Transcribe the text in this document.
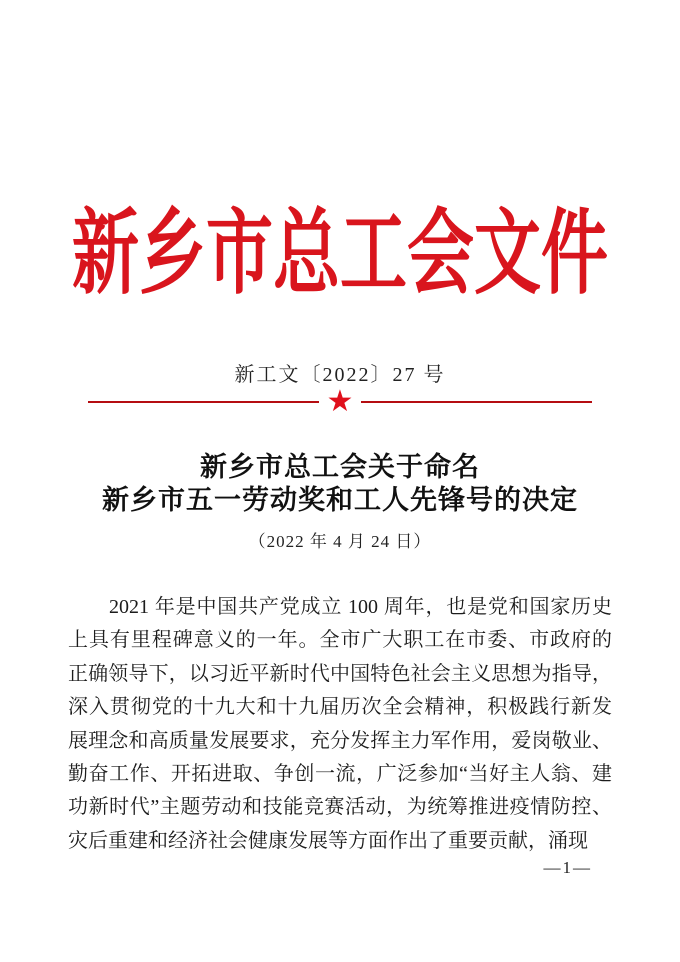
新乡市总工会文件
新工文〔2022〕27 号
★
新乡市总工会关于命名
新乡市五一劳动奖和工人先锋号的决定
（2022 年 4 月 24 日）
2021 年是中国共产党成立 100 周年，也是党和国家历史
上具有里程碑意义的一年。全市广大职工在市委、市政府的
正确领导下，以习近平新时代中国特色社会主义思想为指导，
深入贯彻党的十九大和十九届历次全会精神，积极践行新发
展理念和高质量发展要求，充分发挥主力军作用，爱岗敬业、
勤奋工作、开拓进取、争创一流，广泛参加“当好主人翁、建
功新时代”主题劳动和技能竞赛活动，为统筹推进疫情防控、
灾后重建和经济社会健康发展等方面作出了重要贡献，涌现
—1—
